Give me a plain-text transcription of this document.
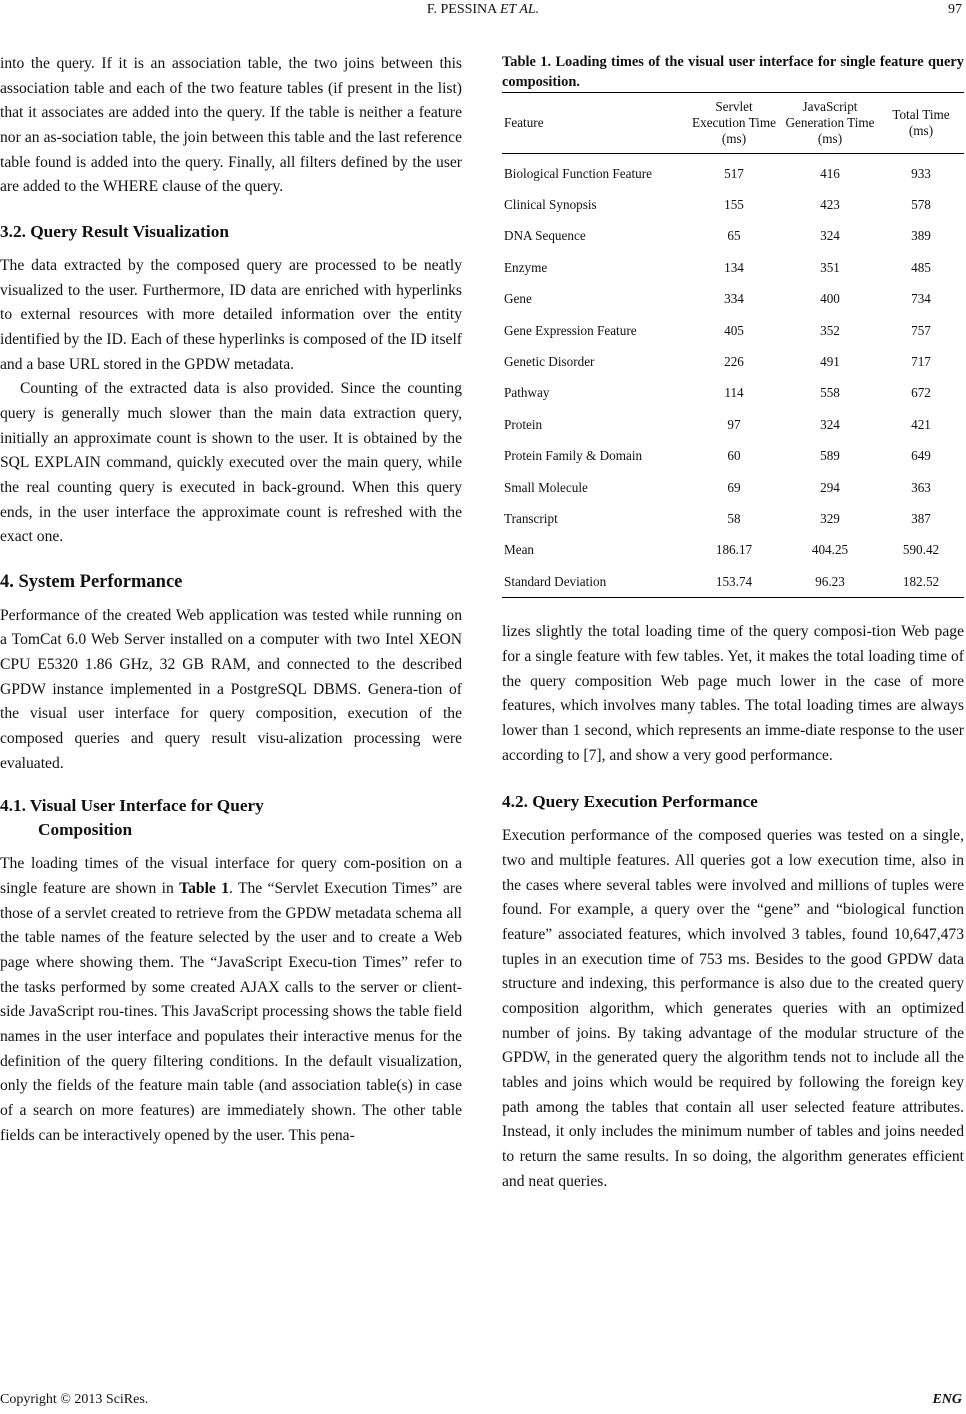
F. PESSINA ET AL.	97

into the query. If it is an association table, the two joins between this association table and each of the two feature tables (if present in the list) that it associates are added into the query. If the table is neither a feature nor an as-sociation table, the join between this table and the last reference table found is added into the query. Finally, all filters defined by the user are added to the WHERE clause of the query.

3.2. Query Result Visualization

The data extracted by the composed query are processed to be neatly visualized to the user. Furthermore, ID data are enriched with hyperlinks to external resources with more detailed information over the entity identified by the ID. Each of these hyperlinks is composed of the ID itself and a base URL stored in the GPDW metadata.

Counting of the extracted data is also provided. Since the counting query is generally much slower than the main data extraction query, initially an approximate count is shown to the user. It is obtained by the SQL EXPLAIN command, quickly executed over the main query, while the real counting query is executed in back-ground. When this query ends, in the user interface the approximate count is refreshed with the exact one.

4. System Performance

Performance of the created Web application was tested while running on a TomCat 6.0 Web Server installed on a computer with two Intel XEON CPU E5320 1.86 GHz, 32 GB RAM, and connected to the described GPDW instance implemented in a PostgreSQL DBMS. Genera-tion of the visual user interface for query composition, execution of the composed queries and query result visu-alization processing were evaluated.

4.1. Visual User Interface for Query
Composition

The loading times of the visual interface for query com-position on a single feature are shown in Table 1. The “Servlet Execution Times” are those of a servlet created to retrieve from the GPDW metadata schema all the table names of the feature selected by the user and to create a Web page where showing them. The “JavaScript Execu-tion Times” refer to the tasks performed by some created AJAX calls to the server or client-side JavaScript rou-tines. This JavaScript processing shows the table field names in the user interface and populates their interactive menus for the definition of the query filtering conditions. In the default visualization, only the fields of the feature main table (and association table(s) in case of a search on more features) are immediately shown. The other table fields can be interactively opened by the user. This pena-

Table 1. Loading times of the visual user interface for single feature query composition.

Feature	Servlet Execution Time (ms)	JavaScript Generation Time (ms)	Total Time (ms)
Biological Function Feature	517	416	933
Clinical Synopsis	155	423	578
DNA Sequence	65	324	389
Enzyme	134	351	485
Gene	334	400	734
Gene Expression Feature	405	352	757
Genetic Disorder	226	491	717
Pathway	114	558	672
Protein	97	324	421
Protein Family & Domain	60	589	649
Small Molecule	69	294	363
Transcript	58	329	387
Mean	186.17	404.25	590.42
Standard Deviation	153.74	96.23	182.52

lizes slightly the total loading time of the query composi-tion Web page for a single feature with few tables. Yet, it makes the total loading time of the query composition Web page much lower in the case of more features, which involves many tables. The total loading times are always lower than 1 second, which represents an imme-diate response to the user according to [7], and show a very good performance.

4.2. Query Execution Performance

Execution performance of the composed queries was tested on a single, two and multiple features. All queries got a low execution time, also in the cases where several tables were involved and millions of tuples were found. For example, a query over the “gene” and “biological function feature” associated features, which involved 3 tables, found 10,647,473 tuples in an execution time of 753 ms. Besides to the good GPDW data structure and indexing, this performance is also due to the created query composition algorithm, which generates queries with an optimized number of joins. By taking advantage of the modular structure of the GPDW, in the generated query the algorithm tends not to include all the tables and joins which would be required by following the foreign key path among the tables that contain all user selected feature attributes. Instead, it only includes the minimum number of tables and joins needed to return the same results. In so doing, the algorithm generates efficient and neat queries.

Copyright © 2013 SciRes.	ENG
